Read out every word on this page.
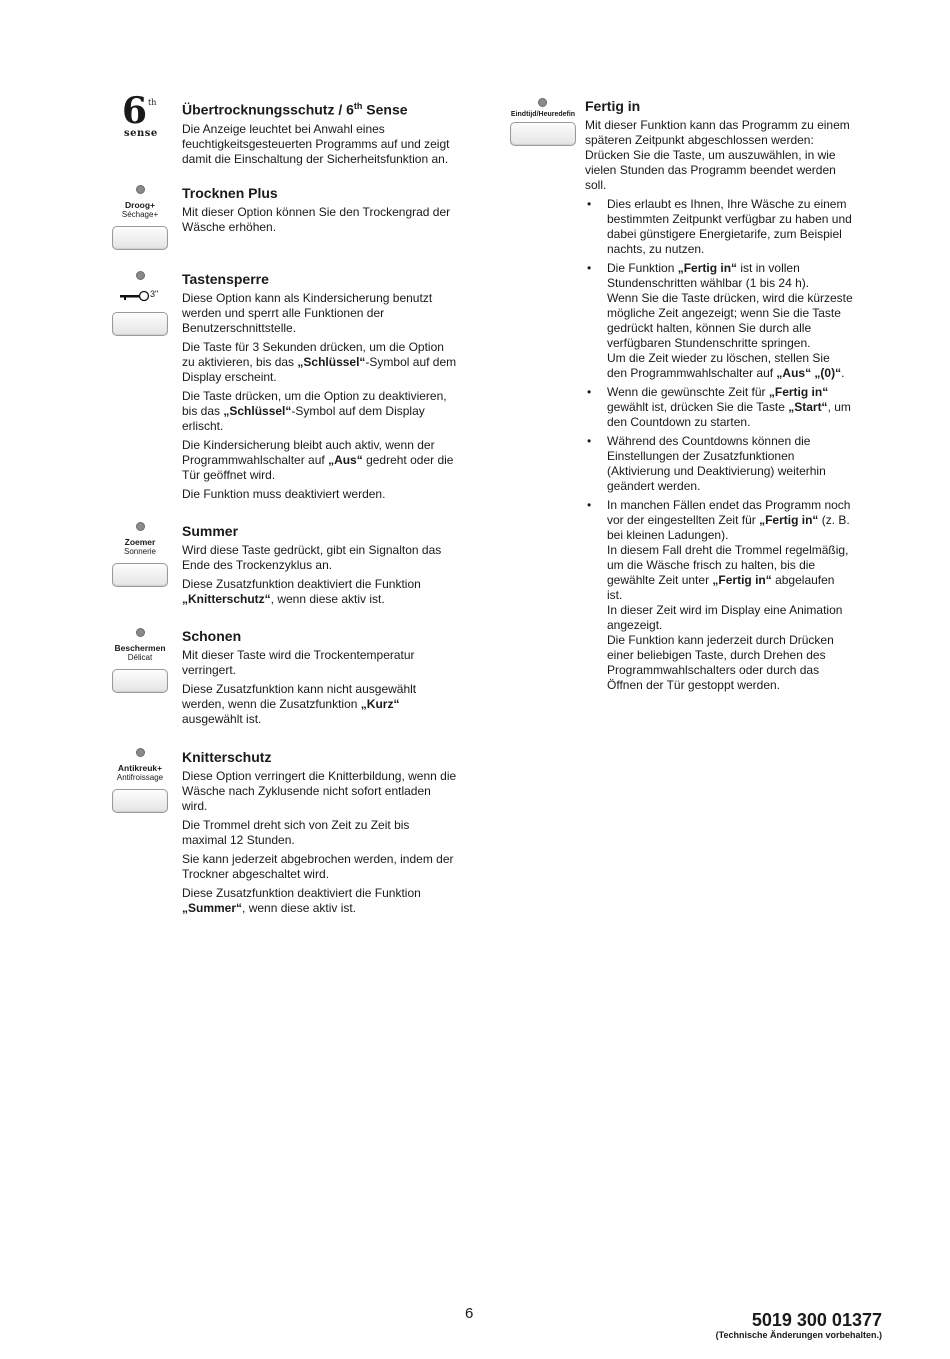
6 th
sense
Übertrocknungsschutz / 6th Sense

Die Anzeige leuchtet bei Anwahl eines feuchtigkeitsgesteuerten Programms auf und zeigt damit die Einschaltung der Sicherheitsfunktion an.

Droog+
Séchage+
Trocknen Plus

Mit dieser Option können Sie den Trockengrad der Wäsche erhöhen.

3"
Tastensperre

Diese Option kann als Kindersicherung benutzt werden und sperrt alle Funktionen der Benutzerschnittstelle.

Die Taste für 3 Sekunden drücken, um die Option zu aktivieren, bis das „Schlüssel“-Symbol auf dem Display erscheint.

Die Taste drücken, um die Option zu deaktivieren, bis das „Schlüssel“-Symbol auf dem Display erlischt.

Die Kindersicherung bleibt auch aktiv, wenn der Programmwahlschalter auf „Aus“ gedreht oder die Tür geöffnet wird.

Die Funktion muss deaktiviert werden.

Zoemer
Sonnerie
Summer

Wird diese Taste gedrückt, gibt ein Signalton das Ende des Trockenzyklus an.

Diese Zusatzfunktion deaktiviert die Funktion „Knitterschutz“, wenn diese aktiv ist.

Beschermen
Délicat
Schonen

Mit dieser Taste wird die Trockentemperatur verringert.

Diese Zusatzfunktion kann nicht ausgewählt werden, wenn die Zusatzfunktion „Kurz“ ausgewählt ist.

Antikreuk+
Antifroissage
Knitterschutz

Diese Option verringert die Knitterbildung, wenn die Wäsche nach Zyklusende nicht sofort entladen wird.

Die Trommel dreht sich von Zeit zu Zeit bis maximal 12 Stunden.

Sie kann jederzeit abgebrochen werden, indem der Trockner abgeschaltet wird.

Diese Zusatzfunktion deaktiviert die Funktion „Summer“, wenn diese aktiv ist.

Eindtijd/Heuredefin
Fertig in

Mit dieser Funktion kann das Programm zu einem späteren Zeitpunkt abgeschlossen werden: Drücken Sie die Taste, um auszuwählen, in wie vielen Stunden das Programm beendet werden soll.

• Dies erlaubt es Ihnen, Ihre Wäsche zu einem bestimmten Zeitpunkt verfügbar zu haben und dabei günstigere Energietarife, zum Beispiel nachts, zu nutzen.
• Die Funktion „Fertig in“ ist in vollen Stundenschritten wählbar (1 bis 24 h).
Wenn Sie die Taste drücken, wird die kürzeste mögliche Zeit angezeigt; wenn Sie die Taste gedrückt halten, können Sie durch alle verfügbaren Stundenschritte springen.
Um die Zeit wieder zu löschen, stellen Sie den Programmwahlschalter auf „Aus“ „(0)“.
• Wenn die gewünschte Zeit für „Fertig in“ gewählt ist, drücken Sie die Taste „Start“, um den Countdown zu starten.
• Während des Countdowns können die Einstellungen der Zusatzfunktionen (Aktivierung und Deaktivierung) weiterhin geändert werden.
• In manchen Fällen endet das Programm noch vor der eingestellten Zeit für „Fertig in“ (z. B. bei kleinen Ladungen).
In diesem Fall dreht die Trommel regelmäßig, um die Wäsche frisch zu halten, bis die gewählte Zeit unter „Fertig in“ abgelaufen ist.
In dieser Zeit wird im Display eine Animation angezeigt.
Die Funktion kann jederzeit durch Drücken einer beliebigen Taste, durch Drehen des Programmwahlschalters oder durch das Öffnen der Tür gestoppt werden.
6	5019 300 01377
(Technische Änderungen vorbehalten.)
